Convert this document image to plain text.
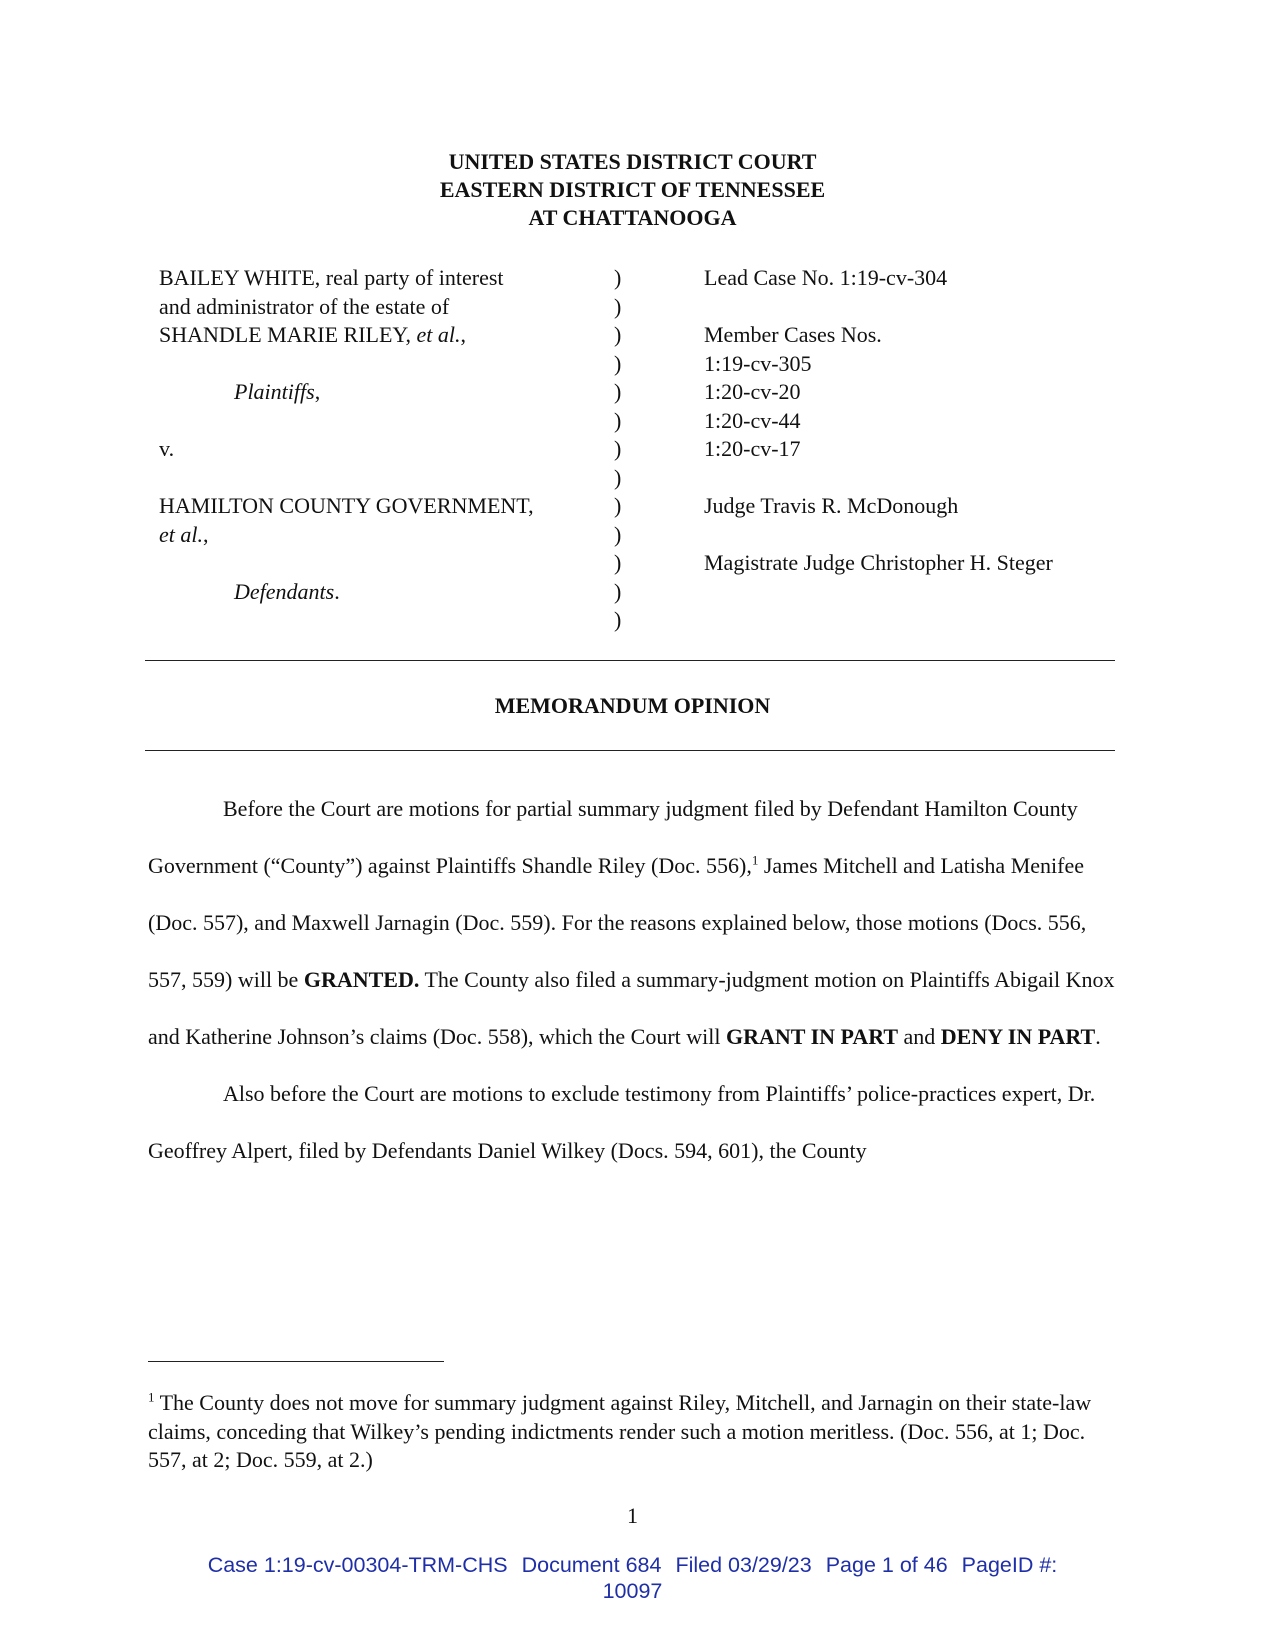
UNITED STATES DISTRICT COURT
EASTERN DISTRICT OF TENNESSEE
AT CHATTANOOGA
BAILEY WHITE, real party of interest
and administrator of the estate of
SHANDLE MARIE RILEY, et al.,
Plaintiffs,
v.
HAMILTON COUNTY GOVERNMENT,
et al.,
Defendants.
)
)
)
)
)
)
)
)
)
)
)
)
)
Lead Case No. 1:19-cv-304
Member Cases Nos.
1:19-cv-305
1:20-cv-20
1:20-cv-44
1:20-cv-17
Judge Travis R. McDonough
Magistrate Judge Christopher H. Steger
MEMORANDUM OPINION

Before the Court are motions for partial summary judgment filed by Defendant Hamilton County Government (“County”) against Plaintiffs Shandle Riley (Doc. 556),$^1$ James Mitchell and Latisha Menifee (Doc. 557), and Maxwell Jarnagin (Doc. 559). For the reasons explained below, those motions (Docs. 556, 557, 559) will be GRANTED. The County also filed a summary-judgment motion on Plaintiffs Abigail Knox and Katherine Johnson’s claims (Doc. 558), which the Court will GRANT IN PART and DENY IN PART.

Also before the Court are motions to exclude testimony from Plaintiffs’ police-practices expert, Dr. Geoffrey Alpert, filed by Defendants Daniel Wilkey (Docs. 594, 601), the County

$^1$ The County does not move for summary judgment against Riley, Mitchell, and Jarnagin on their state-law claims, conceding that Wilkey’s pending indictments render such a motion meritless. (Doc. 556, at 1; Doc. 557, at 2; Doc. 559, at 2.)
1
Case 1:19-cv-00304-TRM-CHS Document 684 Filed 03/29/23 Page 1 of 46 PageID #:
10097
